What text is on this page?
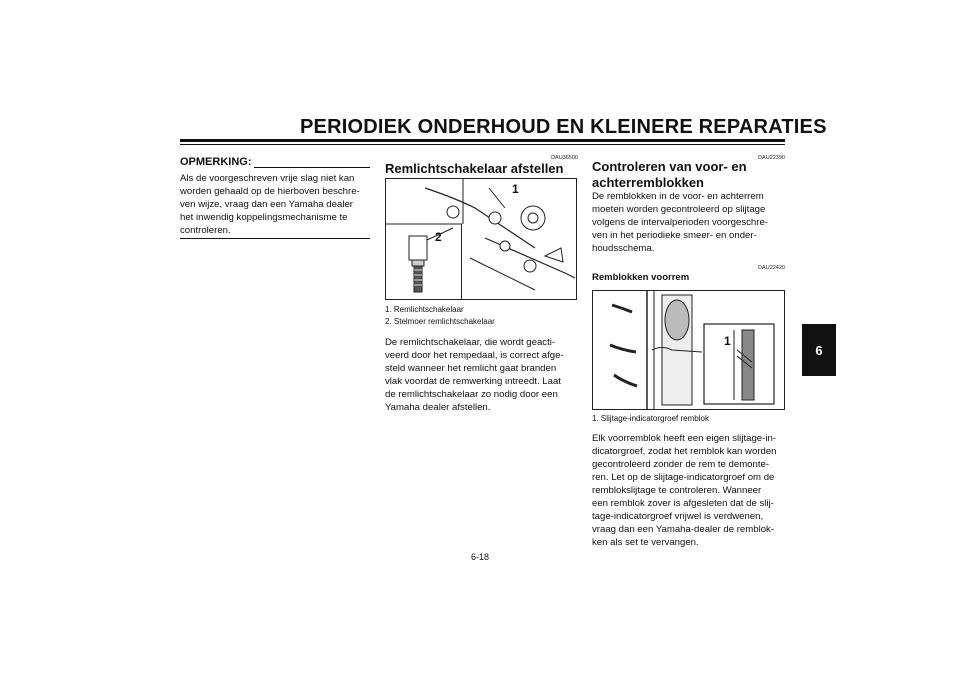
PERIODIEK ONDERHOUD EN KLEINERE REPARATIES
6
OPMERKING:
Als de voorgeschreven vrije slag niet kan
worden gehaald op de hierboven beschre-
ven wijze, vraag dan een Yamaha dealer
het inwendig koppelingsmechanisme te
controleren.
DAU36500
Remlichtschakelaar afstellen
1
2
1. Remlichtschakelaar
2. Stelmoer remlichtschakelaar
De remlichtschakelaar, die wordt geacti-
veerd door het rempedaal, is correct afge-
steld wanneer het remlicht gaat branden
vlak voordat de remwerking intreedt. Laat
de remlichtschakelaar zo nodig door een
Yamaha dealer afstellen.
DAU22390
Controleren van voor- en
achterremblokken
De remblokken in de voor- en achterrem
moeten worden gecontroleerd op slijtage
volgens de intervalperioden voorgeschre-
ven in het periodieke smeer- en onder-
houdsschema.
DAU22420
Remblokken voorrem
1
1. Slijtage-indicatorgroef remblok
Elk voorremblok heeft een eigen slijtage-in-
dicatorgroef, zodat het remblok kan worden
gecontroleerd zonder de rem te demonte-
ren. Let op de slijtage-indicatorgroef om de
remblokslijtage te controleren. Wanneer
een remblok zover is afgesleten dat de slij-
tage-indicatorgroef vrijwel is verdwenen,
vraag dan een Yamaha-dealer de remblok-
ken als set te vervangen.
6-18
